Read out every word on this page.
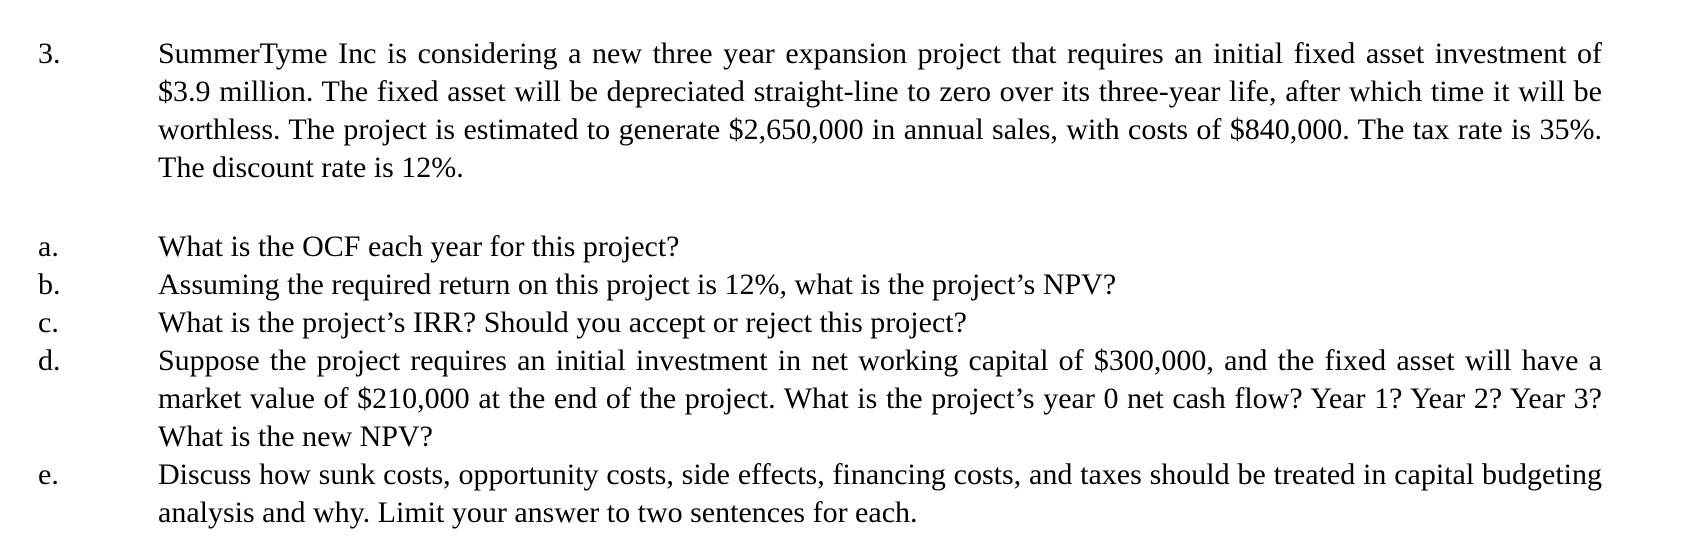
3.	SummerTyme Inc is considering a new three year expansion project that requires an initial fixed asset investment of $3.9 million. The fixed asset will be depreciated straight-line to zero over its three-year life, after which time it will be worthless. The project is estimated to generate $2,650,000 in annual sales, with costs of $840,000. The tax rate is 35%. The discount rate is 12%.
a.	What is the OCF each year for this project?
b.	Assuming the required return on this project is 12%, what is the project’s NPV?
c.	What is the project’s IRR? Should you accept or reject this project?
d.	Suppose the project requires an initial investment in net working capital of $300,000, and the fixed asset will have a market value of $210,000 at the end of the project. What is the project’s year 0 net cash flow? Year 1? Year 2? Year 3? What is the new NPV?
e.	Discuss how sunk costs, opportunity costs, side effects, financing costs, and taxes should be treated in capital budgeting analysis and why. Limit your answer to two sentences for each.
